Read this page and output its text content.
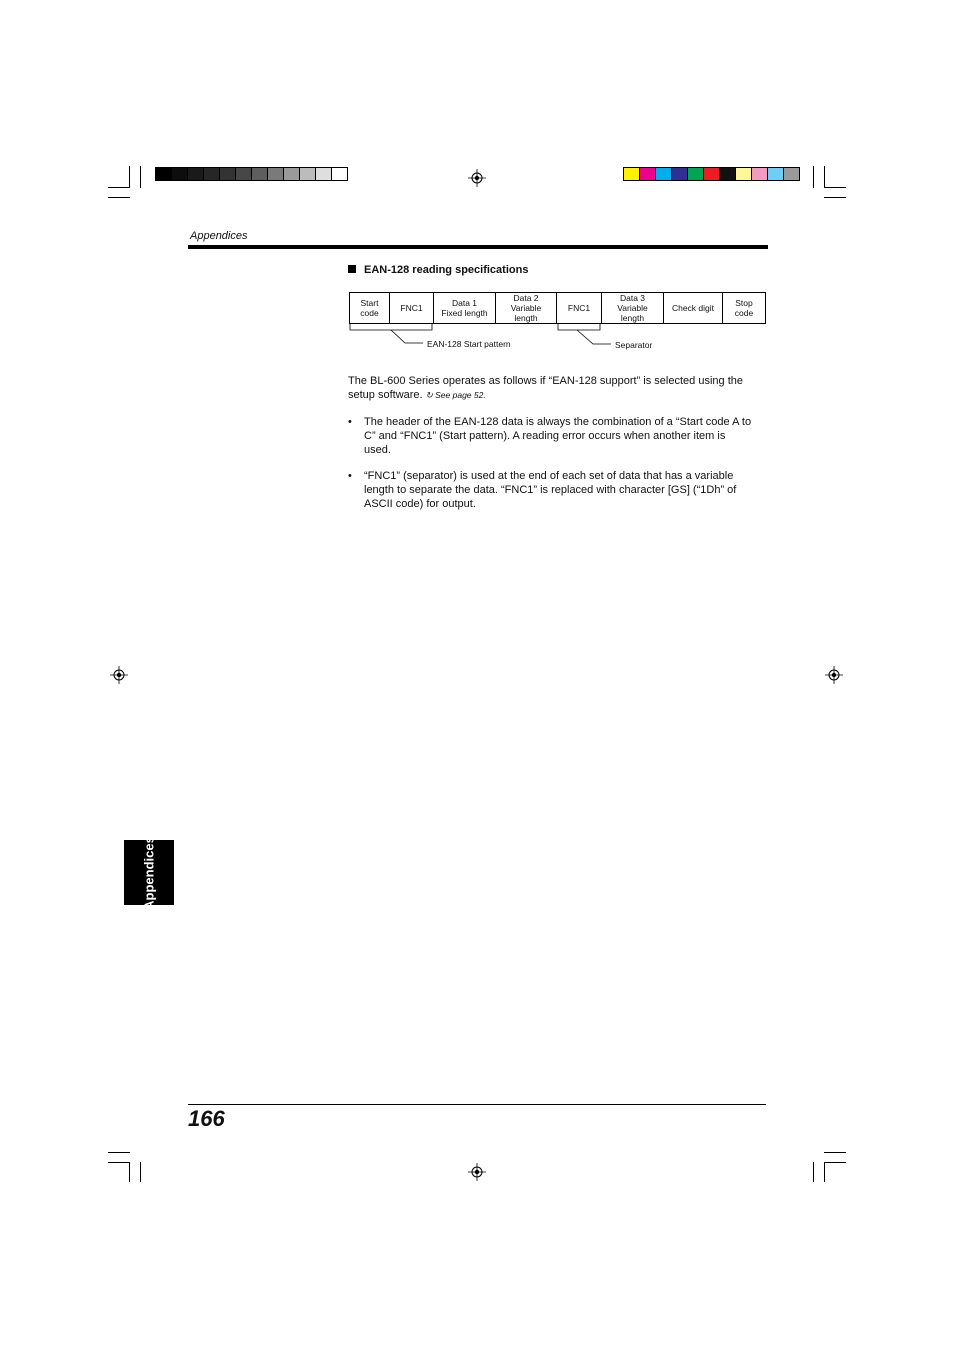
Appendices
EAN-128 reading specifications
Start
code	FNC1	Data 1
Fixed length	Data 2
Variable
length	FNC1	Data 3
Variable
length	Check digit	Stop
code
EAN-128 Start pattern	Separator
The BL-600 Series operates as follows if “EAN-128 support” is selected using the
setup software. ↻ See page 52.
• The header of the EAN-128 data is always the combination of a “Start code A to
C” and “FNC1” (Start pattern). A reading error occurs when another item is
used.
• “FNC1” (separator) is used at the end of each set of data that has a variable
length to separate the data. “FNC1” is replaced with character [GS] (“1Dh” of
ASCII code) for output.
Appendices
166
